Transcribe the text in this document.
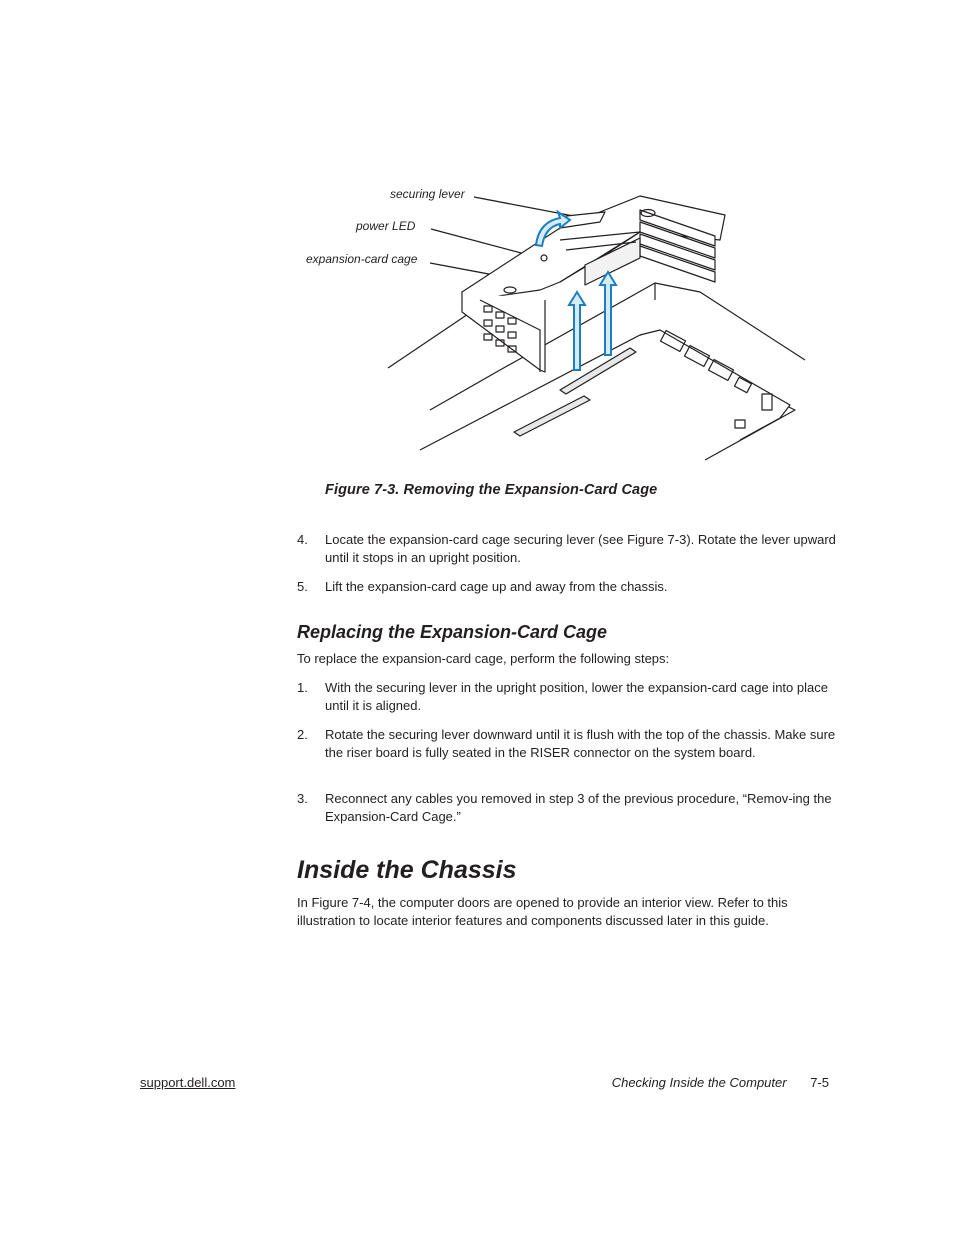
securing lever
power LED
expansion-card cage
Figure 7-3. Removing the Expansion-Card Cage
4. Locate the expansion-card cage securing lever (see Figure 7-3). Rotate the lever upward until it stops in an upright position.
5. Lift the expansion-card cage up and away from the chassis.
Replacing the Expansion-Card Cage
To replace the expansion-card cage, perform the following steps:
1. With the securing lever in the upright position, lower the expansion-card cage into place until it is aligned.
2. Rotate the securing lever downward until it is flush with the top of the chassis. Make sure the riser board is fully seated in the RISER connector on the system board.
3. Reconnect any cables you removed in step 3 of the previous procedure, “Remov-ing the Expansion-Card Cage.”
Inside the Chassis
In Figure 7-4, the computer doors are opened to provide an interior view. Refer to this illustration to locate interior features and components discussed later in this guide.
support.dell.com	Checking Inside the Computer 7-5
